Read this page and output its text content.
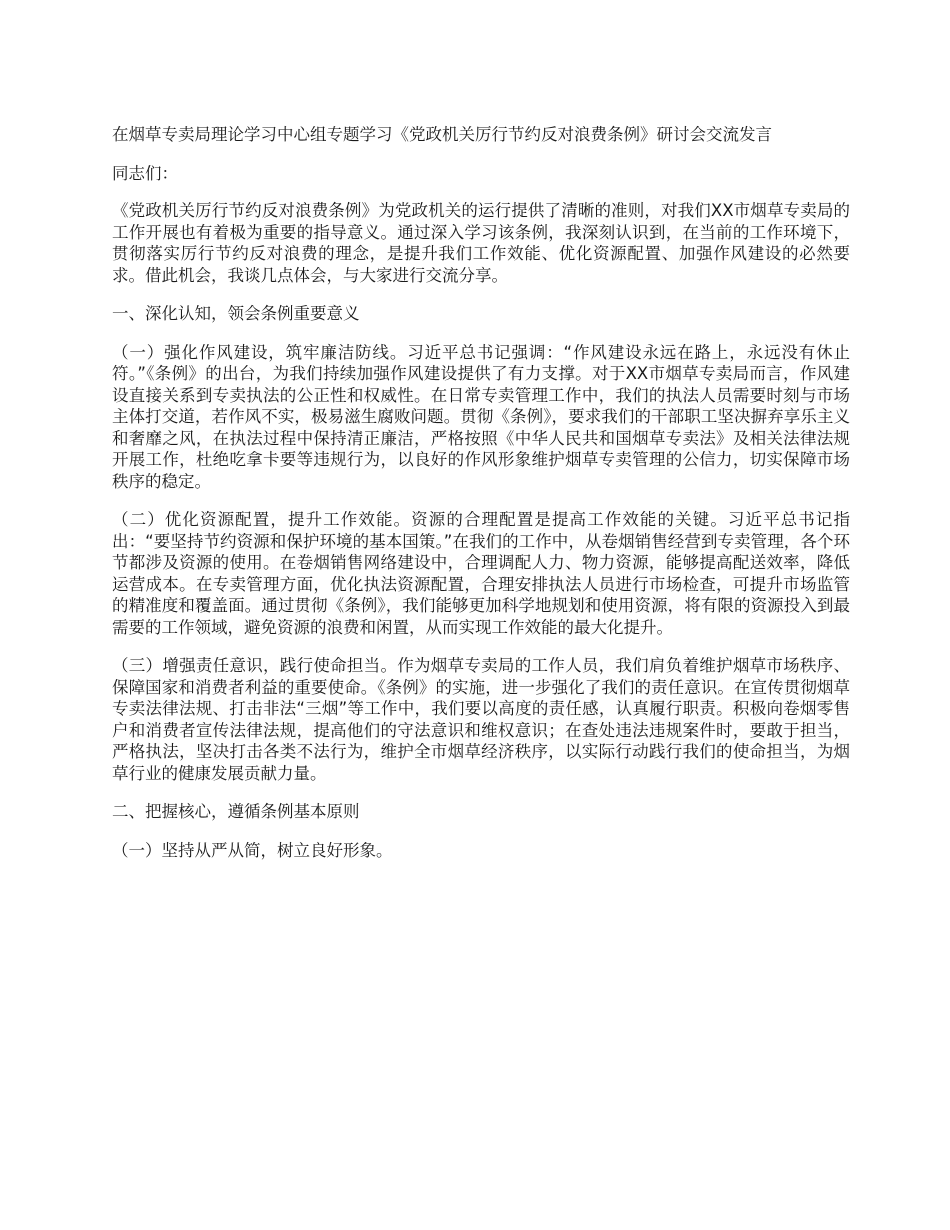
在烟草专卖局理论学习中心组专题学习《党政机关厉行节约反对浪费条例》研讨会交流发言

同志们：

《党政机关厉行节约反对浪费条例》为党政机关的运行提供了清晰的准则，对我们XX市烟草专卖局的工作开展也有着极为重要的指导意义。通过深入学习该条例，我深刻认识到，在当前的工作环境下，贯彻落实厉行节约反对浪费的理念，是提升我们工作效能、优化资源配置、加强作风建设的必然要求。借此机会，我谈几点体会，与大家进行交流分享。

一、深化认知，领会条例重要意义

（一）强化作风建设，筑牢廉洁防线。习近平总书记强调：“作风建设永远在路上，永远没有休止符。”《条例》的出台，为我们持续加强作风建设提供了有力支撑。对于XX市烟草专卖局而言，作风建设直接关系到专卖执法的公正性和权威性。在日常专卖管理工作中，我们的执法人员需要时刻与市场主体打交道，若作风不实，极易滋生腐败问题。贯彻《条例》，要求我们的干部职工坚决摒弃享乐主义和奢靡之风，在执法过程中保持清正廉洁，严格按照《中华人民共和国烟草专卖法》及相关法律法规开展工作，杜绝吃拿卡要等违规行为，以良好的作风形象维护烟草专卖管理的公信力，切实保障市场秩序的稳定。

（二）优化资源配置，提升工作效能。资源的合理配置是提高工作效能的关键。习近平总书记指出：“要坚持节约资源和保护环境的基本国策。”在我们的工作中，从卷烟销售经营到专卖管理，各个环节都涉及资源的使用。在卷烟销售网络建设中，合理调配人力、物力资源，能够提高配送效率，降低运营成本。在专卖管理方面，优化执法资源配置，合理安排执法人员进行市场检查，可提升市场监管的精准度和覆盖面。通过贯彻《条例》，我们能够更加科学地规划和使用资源，将有限的资源投入到最需要的工作领域，避免资源的浪费和闲置，从而实现工作效能的最大化提升。

（三）增强责任意识，践行使命担当。作为烟草专卖局的工作人员，我们肩负着维护烟草市场秩序、保障国家和消费者利益的重要使命。《条例》的实施，进一步强化了我们的责任意识。在宣传贯彻烟草专卖法律法规、打击非法“三烟”等工作中，我们要以高度的责任感，认真履行职责。积极向卷烟零售户和消费者宣传法律法规，提高他们的守法意识和维权意识；在查处违法违规案件时，要敢于担当，严格执法，坚决打击各类不法行为，维护全市烟草经济秩序，以实际行动践行我们的使命担当，为烟草行业的健康发展贡献力量。

二、把握核心，遵循条例基本原则

（一）坚持从严从简，树立良好形象。
